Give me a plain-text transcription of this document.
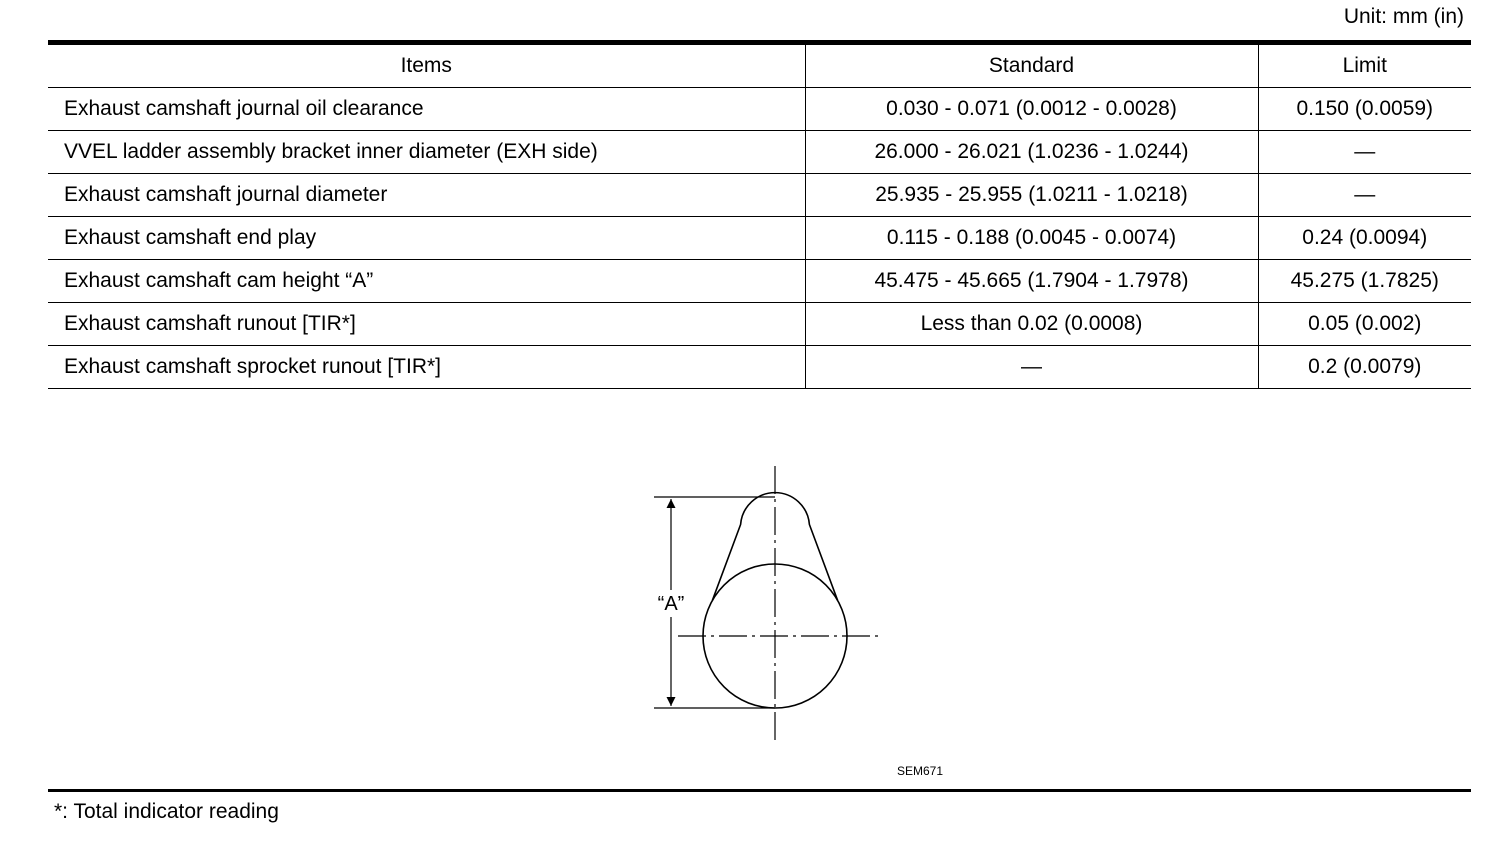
Unit: mm (in)
Items	Standard	Limit
Exhaust camshaft journal oil clearance	0.030 - 0.071 (0.0012 - 0.0028)	0.150 (0.0059)
VVEL ladder assembly bracket inner diameter (EXH side)	26.000 - 26.021 (1.0236 - 1.0244)	—
Exhaust camshaft journal diameter	25.935 - 25.955 (1.0211 - 1.0218)	—
Exhaust camshaft end play	0.115 - 0.188 (0.0045 - 0.0074)	0.24 (0.0094)
Exhaust camshaft cam height “A”	45.475 - 45.665 (1.7904 - 1.7978)	45.275 (1.7825)
Exhaust camshaft runout [TIR*]	Less than 0.02 (0.0008)	0.05 (0.002)
Exhaust camshaft sprocket runout [TIR*]	—	0.2 (0.0079)
“A”
SEM671
*: Total indicator reading
